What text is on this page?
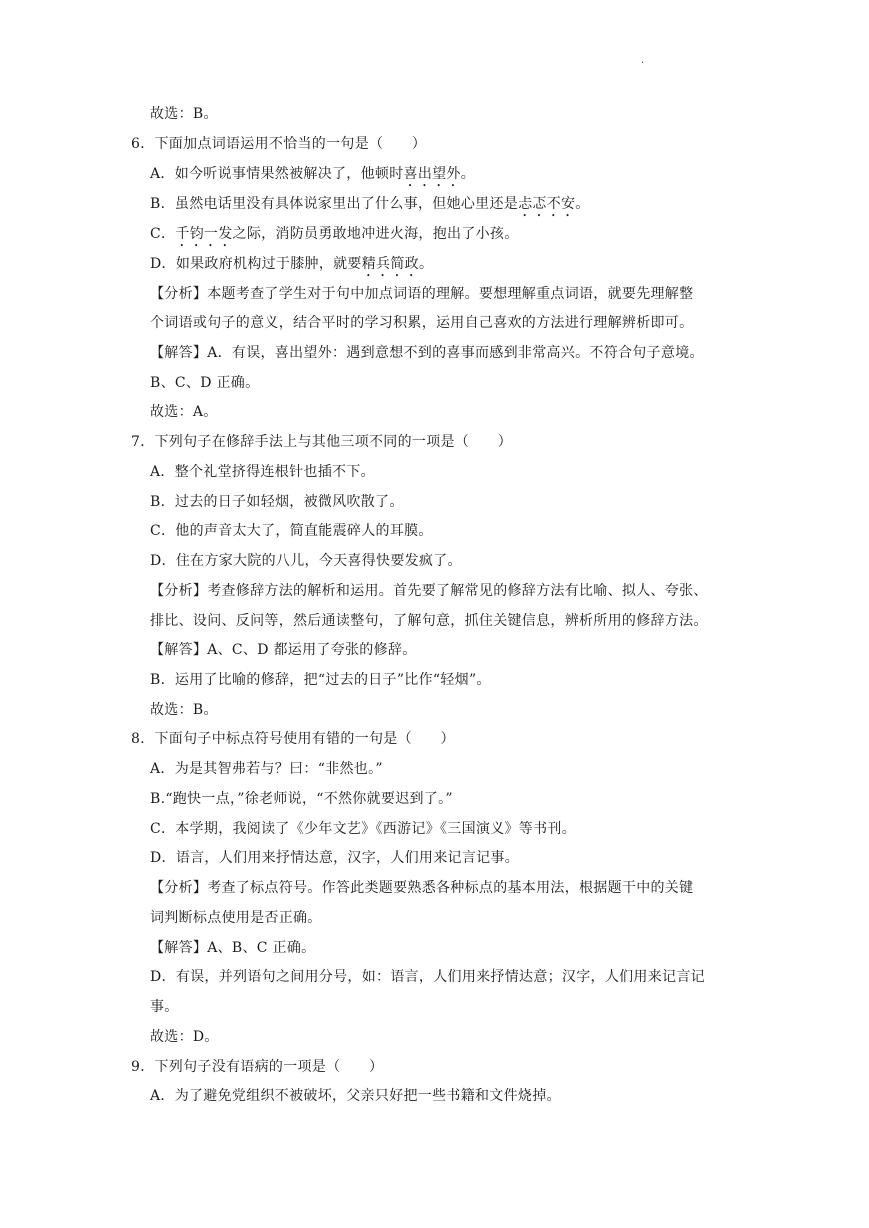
.
故选：B。
6．下面加点词语运用不恰当的一句是（　　）
A．如今听说事情果然被解决了，他顿时喜出望外。
B．虽然电话里没有具体说家里出了什么事，但她心里还是忐忑不安。
C．千钧一发之际，消防员勇敢地冲进火海，抱出了小孩。
D．如果政府机构过于膝肿，就要精兵简政。
【分析】本题考查了学生对于句中加点词语的理解。要想理解重点词语，就要先理解整
个词语或句子的意义，结合平时的学习积累，运用自己喜欢的方法进行理解辨析即可。
【解答】A．有误，喜出望外：遇到意想不到的喜事而感到非常高兴。不符合句子意境。
B、C、D 正确。
故选：A。
7．下列句子在修辞手法上与其他三项不同的一项是（　　）
A．整个礼堂挤得连根针也插不下。
B．过去的日子如轻烟，被微风吹散了。
C．他的声音太大了，简直能震碎人的耳膜。
D．住在方家大院的八儿，今天喜得快要发疯了。
【分析】考查修辞方法的解析和运用。首先要了解常见的修辞方法有比喻、拟人、夸张、
排比、设问、反问等，然后通读整句，了解句意，抓住关键信息，辨析所用的修辞方法。
【解答】A、C、D 都运用了夸张的修辞。
B．运用了比喻的修辞，把“过去的日子”比作“轻烟”。
故选：B。
8．下面句子中标点符号使用有错的一句是（　　）
A．为是其智弗若与？曰：“非然也。”
B.“跑快一点，”徐老师说，“不然你就要迟到了。”
C．本学期，我阅读了《少年文艺》《西游记》《三国演义》等书刊。
D．语言，人们用来抒情达意，汉字，人们用来记言记事。
【分析】考查了标点符号。作答此类题要熟悉各种标点的基本用法，根据题干中的关键
词判断标点使用是否正确。
【解答】A、B、C 正确。
D．有误，并列语句之间用分号，如：语言，人们用来抒情达意；汉字，人们用来记言记
事。
故选：D。
9．下列句子没有语病的一项是（　　）
A．为了避免党组织不被破坏，父亲只好把一些书籍和文件烧掉。
